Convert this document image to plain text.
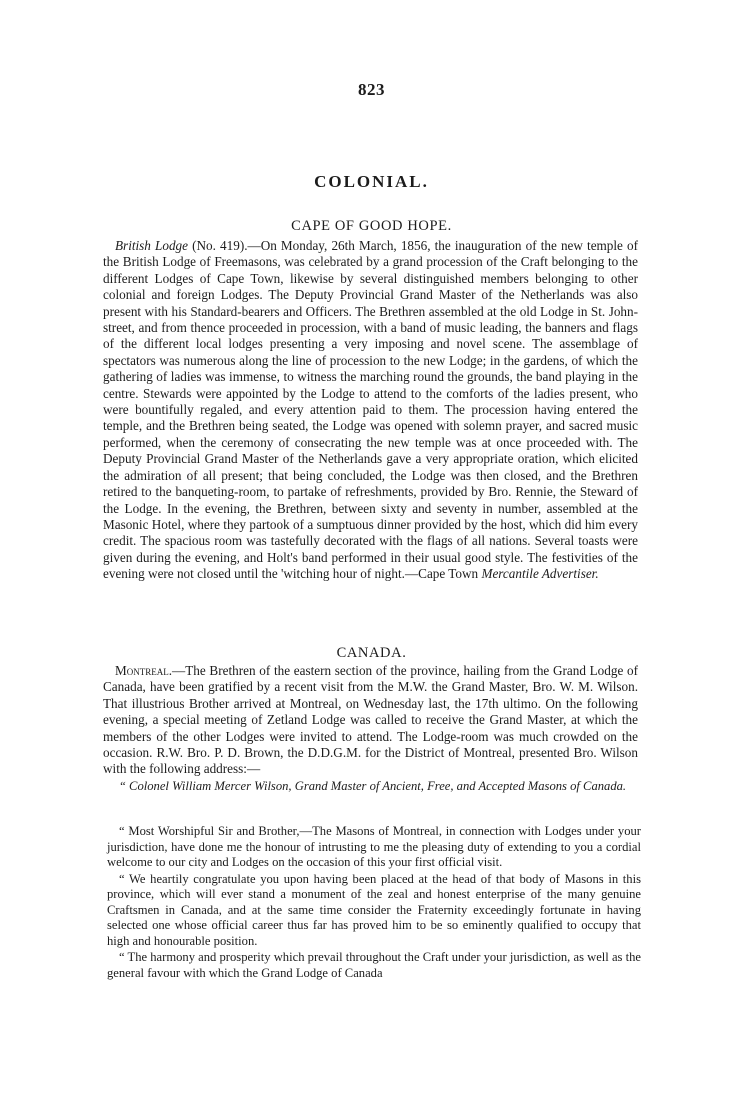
823
COLONIAL.

CAPE OF GOOD HOPE.

British Lodge (No. 419).—On Monday, 26th March, 1856, the inauguration of the new temple of the British Lodge of Freemasons, was celebrated by a grand procession of the Craft belonging to the different Lodges of Cape Town, likewise by several distinguished members belonging to other colonial and foreign Lodges. The Deputy Provincial Grand Master of the Netherlands was also present with his Standard-bearers and Officers. The Brethren assembled at the old Lodge in St. John-street, and from thence proceeded in procession, with a band of music leading, the banners and flags of the different local lodges presenting a very imposing and novel scene. The assemblage of spectators was numerous along the line of procession to the new Lodge; in the gardens, of which the gathering of ladies was immense, to witness the marching round the grounds, the band playing in the centre. Stewards were appointed by the Lodge to attend to the comforts of the ladies present, who were bountifully regaled, and every attention paid to them. The procession having entered the temple, and the Brethren being seated, the Lodge was opened with solemn prayer, and sacred music performed, when the ceremony of consecrating the new temple was at once proceeded with. The Deputy Provincial Grand Master of the Netherlands gave a very appropriate oration, which elicited the admiration of all present; that being concluded, the Lodge was then closed, and the Brethren retired to the banqueting-room, to partake of refreshments, provided by Bro. Rennie, the Steward of the Lodge. In the evening, the Brethren, between sixty and seventy in number, assembled at the Masonic Hotel, where they partook of a sumptuous dinner provided by the host, which did him every credit. The spacious room was tastefully decorated with the flags of all nations. Several toasts were given during the evening, and Holt's band performed in their usual good style. The festivities of the evening were not closed until the 'witching hour of night.—Cape Town Mercantile Advertiser.

CANADA.

Montreal.—The Brethren of the eastern section of the province, hailing from the Grand Lodge of Canada, have been gratified by a recent visit from the M.W. the Grand Master, Bro. W. M. Wilson. That illustrious Brother arrived at Montreal, on Wednesday last, the 17th ultimo. On the following evening, a special meeting of Zetland Lodge was called to receive the Grand Master, at which the members of the other Lodges were invited to attend. The Lodge-room was much crowded on the occasion. R.W. Bro. P. D. Brown, the D.D.G.M. for the District of Montreal, presented Bro. Wilson with the following address:—

“ Colonel William Mercer Wilson, Grand Master of Ancient, Free, and Accepted Masons of Canada.

“ Most Worshipful Sir and Brother,—The Masons of Montreal, in connection with Lodges under your jurisdiction, have done me the honour of intrusting to me the pleasing duty of extending to you a cordial welcome to our city and Lodges on the occasion of this your first official visit.

“ We heartily congratulate you upon having been placed at the head of that body of Masons in this province, which will ever stand a monument of the zeal and honest enterprise of the many genuine Craftsmen in Canada, and at the same time consider the Fraternity exceedingly fortunate in having selected one whose official career thus far has proved him to be so eminently qualified to occupy that high and honourable position.

“ The harmony and prosperity which prevail throughout the Craft under your jurisdiction, as well as the general favour with which the Grand Lodge of Canada
